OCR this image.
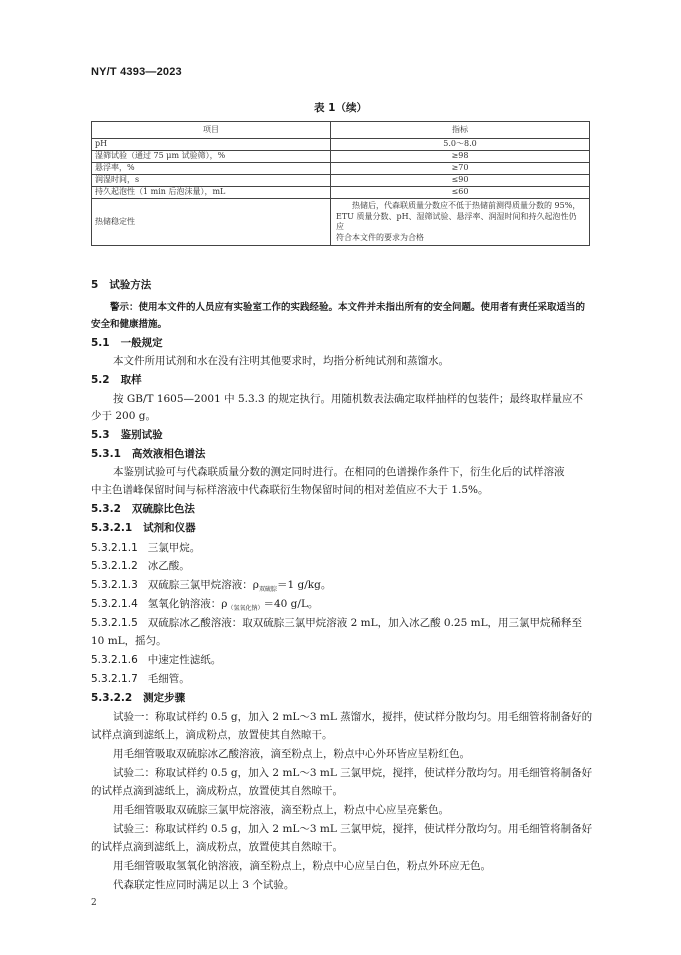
NY/T 4393—2023
表 1（续）
项目	指标
pH	5.0～8.0
湿筛试验（通过 75 μm 试验筛），%	≥98
悬浮率，%	≥70
润湿时间，s	≤90
持久起泡性（1 min 后泡沫量），mL	≤60
热储稳定性	热储后，代森联质量分数应不低于热储前测得质量分数的 95%，
ETU 质量分数、pH、湿筛试验、悬浮率、润湿时间和持久起泡性仍应
符合本文件的要求为合格
5 试验方法
警示：使用本文件的人员应有实验室工作的实践经验。本文件并未指出所有的安全问题。使用者有责任采取适当的
安全和健康措施。
5.1 一般规定
本文件所用试剂和水在没有注明其他要求时，均指分析纯试剂和蒸馏水。
5.2 取样
按 GB/T 1605—2001 中 5.3.3 的规定执行。用随机数表法确定取样抽样的包装件；最终取样量应不
少于 200 g。
5.3 鉴别试验
5.3.1 高效液相色谱法
本鉴别试验可与代森联质量分数的测定同时进行。在相同的色谱操作条件下，衍生化后的试样溶液
中主色谱峰保留时间与标样溶液中代森联衍生物保留时间的相对差值应不大于 1.5%。
5.3.2 双硫腙比色法
5.3.2.1 试剂和仪器
5.3.2.1.1 三氯甲烷。
5.3.2.1.2 冰乙酸。
5.3.2.1.3 双硫腙三氯甲烷溶液：$\rho_{双硫腙}=1$ g/kg。
5.3.2.1.4 氢氧化钠溶液：$\rho_{(氢氧化钠)}=40$ g/L。
5.3.2.1.5 双硫腙冰乙酸溶液：取双硫腙三氯甲烷溶液 2 mL，加入冰乙酸 0.25 mL，用三氯甲烷稀释至
10 mL，摇匀。
5.3.2.1.6 中速定性滤纸。
5.3.2.1.7 毛细管。
5.3.2.2 测定步骤
试验一：称取试样约 0.5 g，加入 2 mL～3 mL 蒸馏水，搅拌，使试样分散均匀。用毛细管将制备好的
试样点滴到滤纸上，滴成粉点，放置使其自然晾干。
用毛细管吸取双硫腙冰乙酸溶液，滴至粉点上，粉点中心外环皆应呈粉红色。
试验二：称取试样约 0.5 g，加入 2 mL～3 mL 三氯甲烷，搅拌，使试样分散均匀。用毛细管将制备好
的试样点滴到滤纸上，滴成粉点，放置使其自然晾干。
用毛细管吸取双硫腙三氯甲烷溶液，滴至粉点上，粉点中心应呈亮紫色。
试验三：称取试样约 0.5 g，加入 2 mL～3 mL 三氯甲烷，搅拌，使试样分散均匀。用毛细管将制备好
的试样点滴到滤纸上，滴成粉点，放置使其自然晾干。
用毛细管吸取氢氧化钠溶液，滴至粉点上，粉点中心应呈白色，粉点外环应无色。
代森联定性应同时满足以上 3 个试验。
2
